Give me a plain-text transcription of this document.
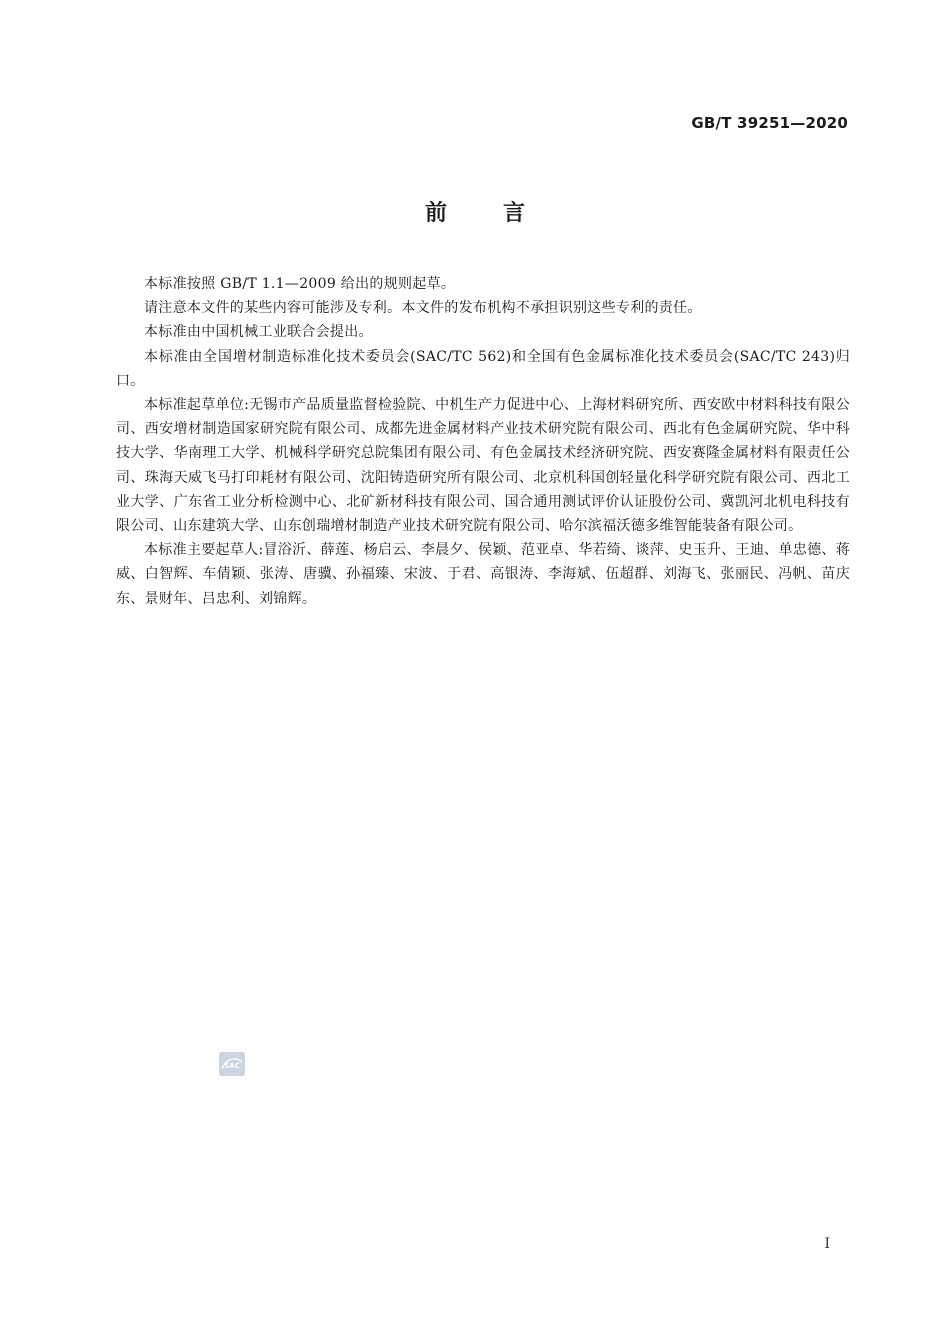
GB/T 39251—2020
前言

本标准按照 GB/T 1.1—2009 给出的规则起草。

请注意本文件的某些内容可能涉及专利。本文件的发布机构不承担识别这些专利的责任。

本标准由中国机械工业联合会提出。

本标准由全国增材制造标准化技术委员会(SAC/TC 562)和全国有色金属标准化技术委员会(SAC/TC 243)归口。

本标准起草单位:无锡市产品质量监督检验院、中机生产力促进中心、上海材料研究所、西安欧中材料科技有限公司、西安增材制造国家研究院有限公司、成都先进金属材料产业技术研究院有限公司、西北有色金属研究院、华中科技大学、华南理工大学、机械科学研究总院集团有限公司、有色金属技术经济研究院、西安赛隆金属材料有限责任公司、珠海天威飞马打印耗材有限公司、沈阳铸造研究所有限公司、北京机科国创轻量化科学研究院有限公司、西北工业大学、广东省工业分析检测中心、北矿新材科技有限公司、国合通用测试评价认证股份公司、冀凯河北机电科技有限公司、山东建筑大学、山东创瑞增材制造产业技术研究院有限公司、哈尔滨福沃德多维智能装备有限公司。

本标准主要起草人:冒浴沂、薛莲、杨启云、李晨夕、侯颖、范亚卓、华若绮、谈萍、史玉升、王迪、单忠德、蒋威、白智辉、车倩颖、张涛、唐骥、孙福臻、宋波、于君、高银涛、李海斌、伍超群、刘海飞、张丽民、冯帆、苗庆东、景财年、吕忠利、刘锦辉。

SAC
I
